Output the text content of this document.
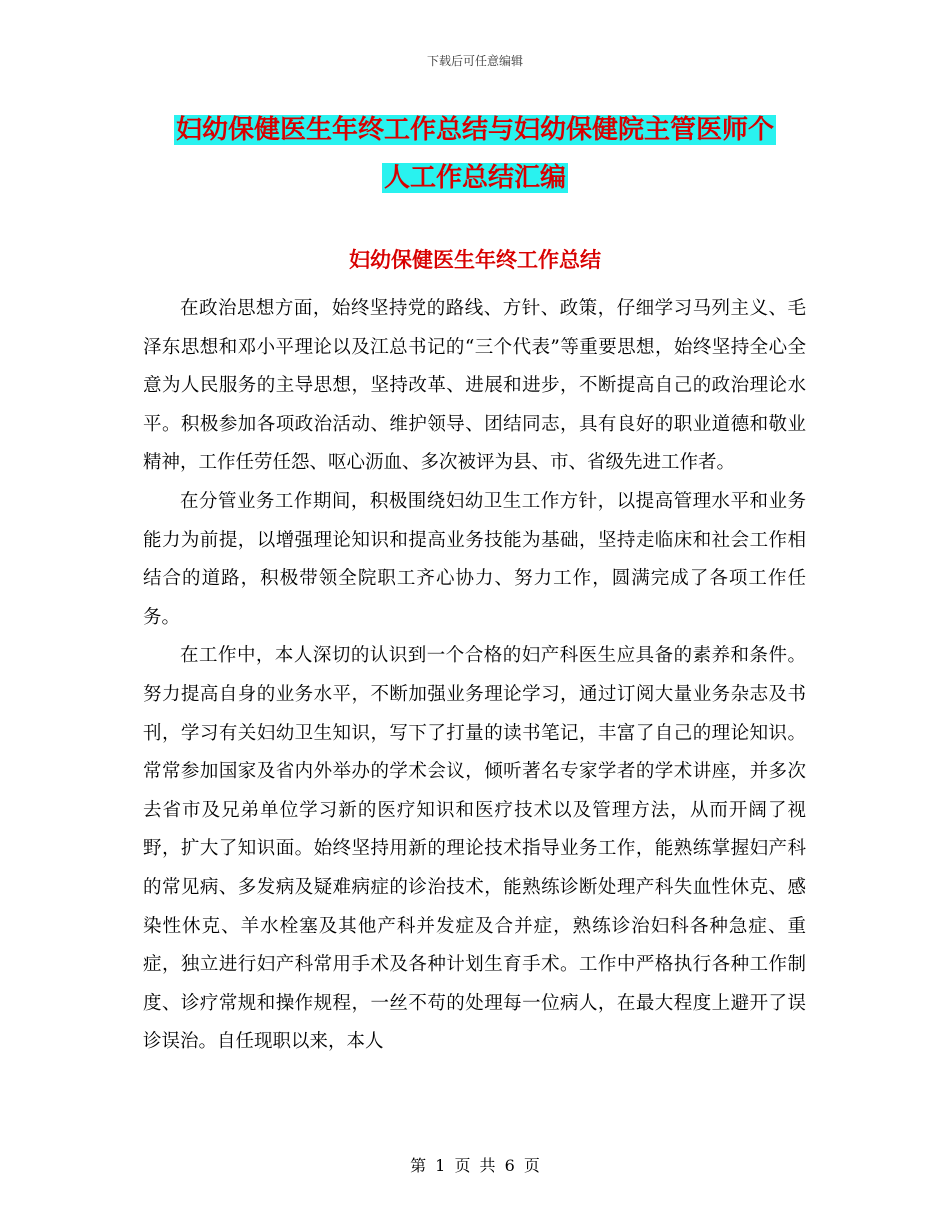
下载后可任意编辑
妇幼保健医生年终工作总结与妇幼保健院主管医师个
人工作总结汇编
妇幼保健医生年终工作总结

在政治思想方面，始终坚持党的路线、方针、政策，仔细学习马列主义、毛泽东思想和邓小平理论以及江总书记的“三个代表”等重要思想，始终坚持全心全意为人民服务的主导思想，坚持改革、进展和进步，不断提高自己的政治理论水平。积极参加各项政治活动、维护领导、团结同志，具有良好的职业道德和敬业精神，工作任劳任怨、呕心沥血、多次被评为县、市、省级先进工作者。

在分管业务工作期间，积极围绕妇幼卫生工作方针，以提高管理水平和业务能力为前提，以增强理论知识和提高业务技能为基础，坚持走临床和社会工作相结合的道路，积极带领全院职工齐心协力、努力工作，圆满完成了各项工作任务。

在工作中，本人深切的认识到一个合格的妇产科医生应具备的素养和条件。努力提高自身的业务水平，不断加强业务理论学习，通过订阅大量业务杂志及书刊，学习有关妇幼卫生知识，写下了打量的读书笔记，丰富了自己的理论知识。常常参加国家及省内外举办的学术会议，倾听著名专家学者的学术讲座，并多次去省市及兄弟单位学习新的医疗知识和医疗技术以及管理方法，从而开阔了视野，扩大了知识面。始终坚持用新的理论技术指导业务工作，能熟练掌握妇产科的常见病、多发病及疑难病症的诊治技术，能熟练诊断处理产科失血性休克、感染性休克、羊水栓塞及其他产科并发症及合并症，熟练诊治妇科各种急症、重症，独立进行妇产科常用手术及各种计划生育手术。工作中严格执行各种工作制度、诊疗常规和操作规程，一丝不苟的处理每一位病人，在最大程度上避开了误诊误治。自任现职以来，本人

第 1 页 共 6 页
